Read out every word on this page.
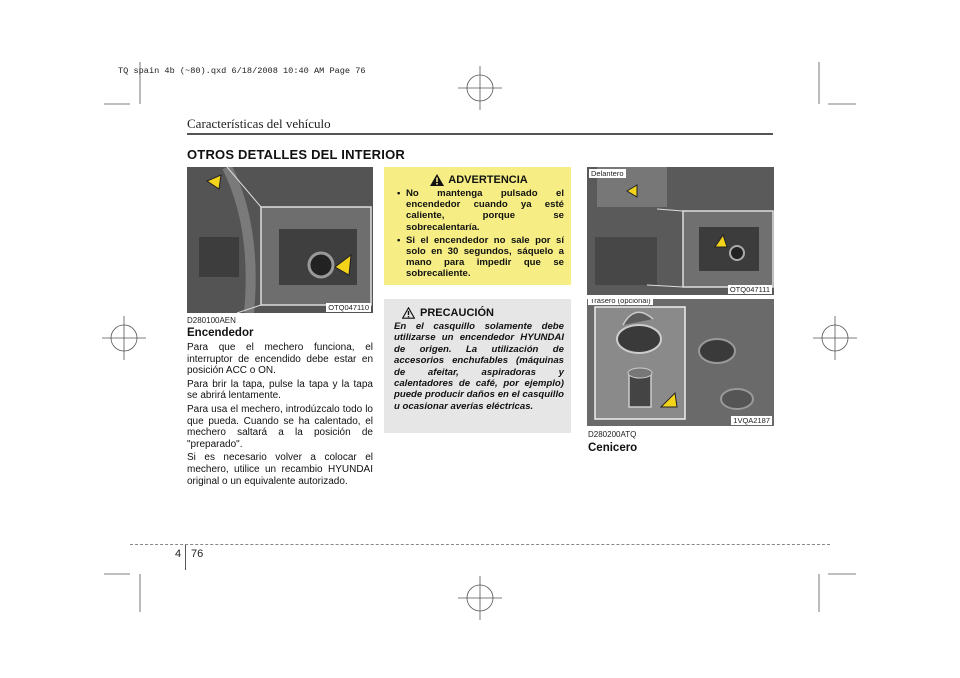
TQ spain 4b (~80).qxd 6/18/2008 10:40 AM Page 76
Características del vehículo
OTROS DETALLES DEL INTERIOR
OTQ047110
D280100AEN
Encendedor

Para que el mechero funciona, el interruptor de encendido debe estar en posición ACC o ON.

Para brir la tapa, pulse la tapa y la tapa se abrirá lentamente.

Para usa el mechero, introdúzcalo todo lo que pueda. Cuando se ha calentado, el mechero saltará a la posición de "preparado".

Si es necesario volver a colocar el mechero, utilice un recambio HYUNDAI original o un equivalente autorizado.

ADVERTENCIA
• No mantenga pulsado el encendedor cuando ya esté caliente, porque se sobrecalentaría.
• Si el encendedor no sale por sí solo en 30 segundos, sáquelo a mano para impedir que se sobrecaliente.
PRECAUCIÓN
En el casquillo solamente debe utilizarse un encendedor HYUNDAI de origen. La utilización de accesorios enchufables (máquinas de afeitar, aspiradoras y calentadores de café, por ejemplo) puede producir daños en el casquillo u ocasionar averías eléctricas.
Delantero
OTQ047111
Trasero (opcional)
1VQA2187
D280200ATQ
Cenicero
4 76
